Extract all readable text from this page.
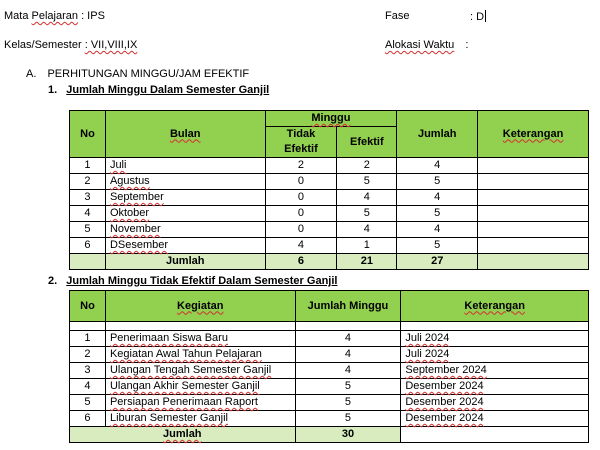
Mata Pelajaran : IPS	Fase	: D
Kelas/Semester : VII,VIII,IX	Alokasi Waktu :
A. PERHITUNGAN MINGGU/JAM EFEKTIF
1. Jumlah Minggu Dalam Semester Ganjil
No	Bulan	Minggu		Jumlah	Keterangan
		Tidak Efektif	Efektif		
1	Juli	2	2	4	
2	Agustus	0	5	5	
3	September	0	4	4	
4	Oktober	0	5	5	
5	November	0	4	4	
6	DSesember	4	1	5	
	Jumlah	6	21	27	
2. Jumlah Minggu Tidak Efektif Dalam Semester Ganjil
No	Kegiatan	Jumlah Minggu	Keterangan

1	Penerimaan Siswa Baru	4	Juli 2024
2	Kegiatan Awal Tahun Pelajaran	4	Juli 2024
3	Ulangan Tengah Semester Ganjil	4	September 2024
4	Ulangan Akhir Semester Ganjil	5	Desember 2024
5	Persiapan Penerimaan Raport	5	Desember 2024
6	Liburan Semester Ganjil	5	Desember 2024
Jumlah		30	
